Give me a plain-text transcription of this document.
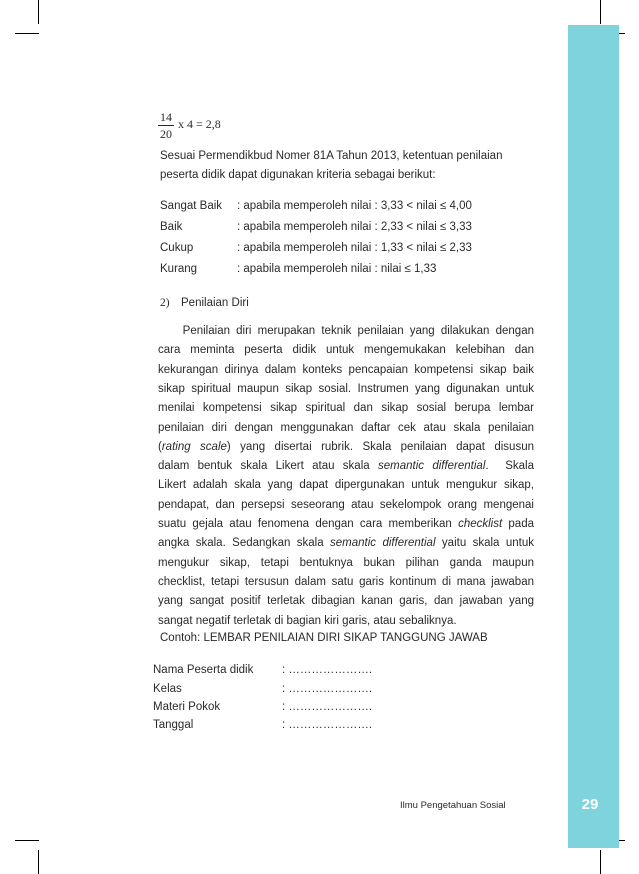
29
14
20
x 4 = 2,8
Sesuai Permendikbud Nomer 81A Tahun 2013, ketentuan penilaian
peserta didik dapat digunakan kriteria sebagai berikut:
Sangat Baik : apabila memperoleh nilai : 3,33 < nilai ≤ 4,00
Baik	: apabila memperoleh nilai : 2,33 < nilai ≤ 3,33
Cukup	: apabila memperoleh nilai : 1,33 < nilai ≤ 2,33
Kurang	: apabila memperoleh nilai : nilai ≤ 1,33
2) Penilaian Diri
Penilaian diri merupakan teknik penilaian yang dilakukan dengan
cara meminta peserta didik untuk mengemukakan kelebihan dan
kekurangan dirinya dalam konteks pencapaian kompetensi sikap baik
sikap spiritual maupun sikap sosial. Instrumen yang digunakan untuk
menilai kompetensi sikap spiritual dan sikap sosial berupa lembar
penilaian diri dengan menggunakan daftar cek atau skala penilaian
(rating scale) yang disertai rubrik. Skala penilaian dapat disusun
dalam bentuk skala Likert atau skala semantic differential.  Skala
Likert adalah skala yang dapat dipergunakan untuk mengukur sikap,
pendapat, dan persepsi seseorang atau sekelompok orang mengenai
suatu gejala atau fenomena dengan cara memberikan checklist pada
angka skala. Sedangkan skala semantic differential yaitu skala untuk
mengukur sikap, tetapi bentuknya bukan pilihan ganda maupun
checklist, tetapi tersusun dalam satu garis kontinum di mana jawaban
yang sangat positif terletak dibagian kanan garis, dan jawaban yang
sangat negatif terletak di bagian kiri garis, atau sebaliknya.
Contoh: LEMBAR PENILAIAN DIRI SIKAP TANGGUNG JAWAB
Nama Peserta didik : ………………….
Kelas	: ………………….
Materi Pokok	: ………………….
Tanggal	: ………………….
Ilmu Pengetahuan Sosial
